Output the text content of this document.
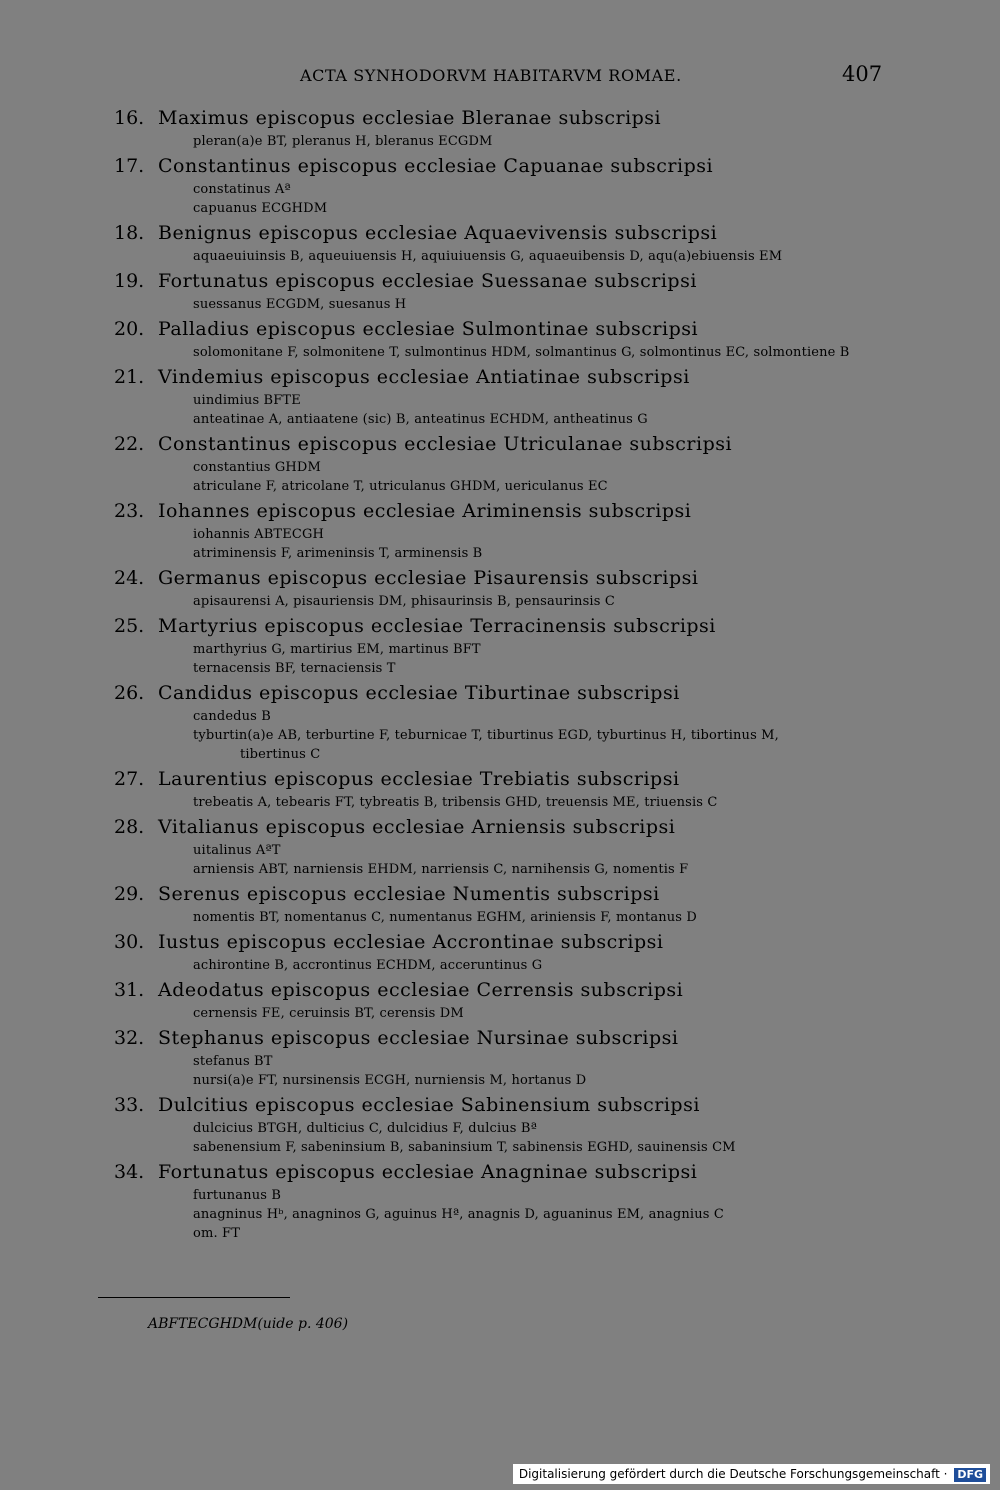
ACTA SYNHODORVM HABITARVM ROMAE.	407
16. Maximus episcopus ecclesiae Bleranae subscripsi
pleran(a)e BT, pleranus H, bleranus ECGDM
17. Constantinus episcopus ecclesiae Capuanae subscripsi
constatinus Aª
capuanus ECGHDM
18. Benignus episcopus ecclesiae Aquaevivensis subscripsi
aquaeuiuinsis B, aqueuiuensis H, aquiuiuensis G, aquaeuibensis D, aqu(a)ebiuensis EM
19. Fortunatus episcopus ecclesiae Suessanae subscripsi
suessanus ECGDM, suesanus H
20. Palladius episcopus ecclesiae Sulmontinae subscripsi
solomonitane F, solmonitene T, sulmontinus HDM, solmantinus G, solmontinus EC, solmontiene B
21. Vindemius episcopus ecclesiae Antiatinae subscripsi
uindimius BFTE
anteatinae A, antiaatene (sic) B, anteatinus ECHDM, antheatinus G
22. Constantinus episcopus ecclesiae Utriculanae subscripsi
constantius GHDM
atriculane F, atricolane T, utriculanus GHDM, uericulanus EC
23. Iohannes episcopus ecclesiae Ariminensis subscripsi
iohannis ABTECGH
atriminensis F, arimeninsis T, arminensis B
24. Germanus episcopus ecclesiae Pisaurensis subscripsi
apisaurensi A, pisauriensis DM, phisaurinsis B, pensaurinsis C
25. Martyrius episcopus ecclesiae Terracinensis subscripsi
marthyrius G, martirius EM, martinus BFT
ternacensis BF, ternaciensis T
26. Candidus episcopus ecclesiae Tiburtinae subscripsi
candedus B
tyburtin(a)e AB, terburtine F, teburnicae T, tiburtinus EGD, tyburtinus H, tibortinus M,
tibertinus C
27. Laurentius episcopus ecclesiae Trebiatis subscripsi
trebeatis A, tebearis FT, tybreatis B, tribensis GHD, treuensis ME, triuensis C
28. Vitalianus episcopus ecclesiae Arniensis subscripsi
uitalinus AªT
arniensis ABT, narniensis EHDM, narriensis C, narnihensis G, nomentis F
29. Serenus episcopus ecclesiae Numentis subscripsi
nomentis BT, nomentanus C, numentanus EGHM, ariniensis F, montanus D
30. Iustus episcopus ecclesiae Accrontinae subscripsi
achirontine B, accrontinus ECHDM, acceruntinus G
31. Adeodatus episcopus ecclesiae Cerrensis subscripsi
cernensis FE, ceruinsis BT, cerensis DM
32. Stephanus episcopus ecclesiae Nursinae subscripsi
stefanus BT
nursi(a)e FT, nursinensis ECGH, nurniensis M, hortanus D
33. Dulcitius episcopus ecclesiae Sabinensium subscripsi
dulcicius BTGH, dulticius C, dulcidius F, dulcius Bª
sabenensium F, sabeninsium B, sabaninsium T, sabinensis EGHD, sauinensis CM
34. Fortunatus episcopus ecclesiae Anagninae subscripsi
furtunanus B
anagninus Hᵇ, anagninos G, aguinus Hª, anagnis D, aguaninus EM, anagnius C
om. FT
ABFTECGHDM(uide p. 406)
Digitalisierung gefördert durch die Deutsche Forschungsgemeinschaft · DFG
